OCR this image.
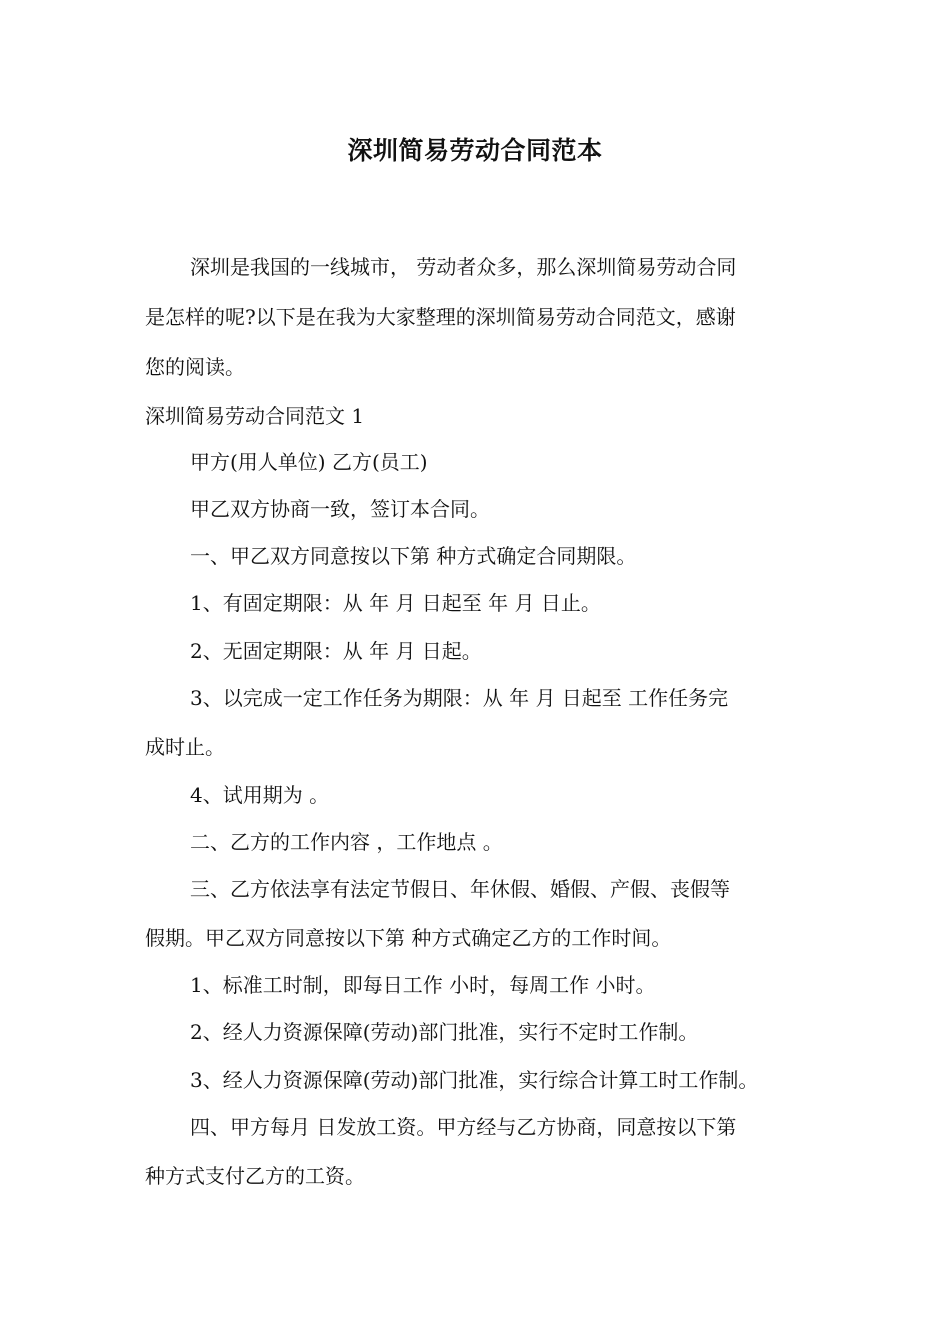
深圳简易劳动合同范本
深圳是我国的一线城市， 劳动者众多，那么深圳简易劳动合同
是怎样的呢?以下是在我为大家整理的深圳简易劳动合同范文，感谢
您的阅读。
深圳简易劳动合同范文 1
甲方(用人单位) 乙方(员工)
甲乙双方协商一致，签订本合同。
一、甲乙双方同意按以下第 种方式确定合同期限。
1、有固定期限：从 年 月 日起至 年 月 日止。
2、无固定期限：从 年 月 日起。
3、以完成一定工作任务为期限：从 年 月 日起至 工作任务完
成时止。
4、试用期为 。
二、乙方的工作内容 ，工作地点 。
三、乙方依法享有法定节假日、年休假、婚假、产假、丧假等
假期。甲乙双方同意按以下第 种方式确定乙方的工作时间。
1、标准工时制，即每日工作 小时，每周工作 小时。
2、经人力资源保障(劳动)部门批准，实行不定时工作制。
3、经人力资源保障(劳动)部门批准，实行综合计算工时工作制。
四、甲方每月 日发放工资。甲方经与乙方协商，同意按以下第
种方式支付乙方的工资。
